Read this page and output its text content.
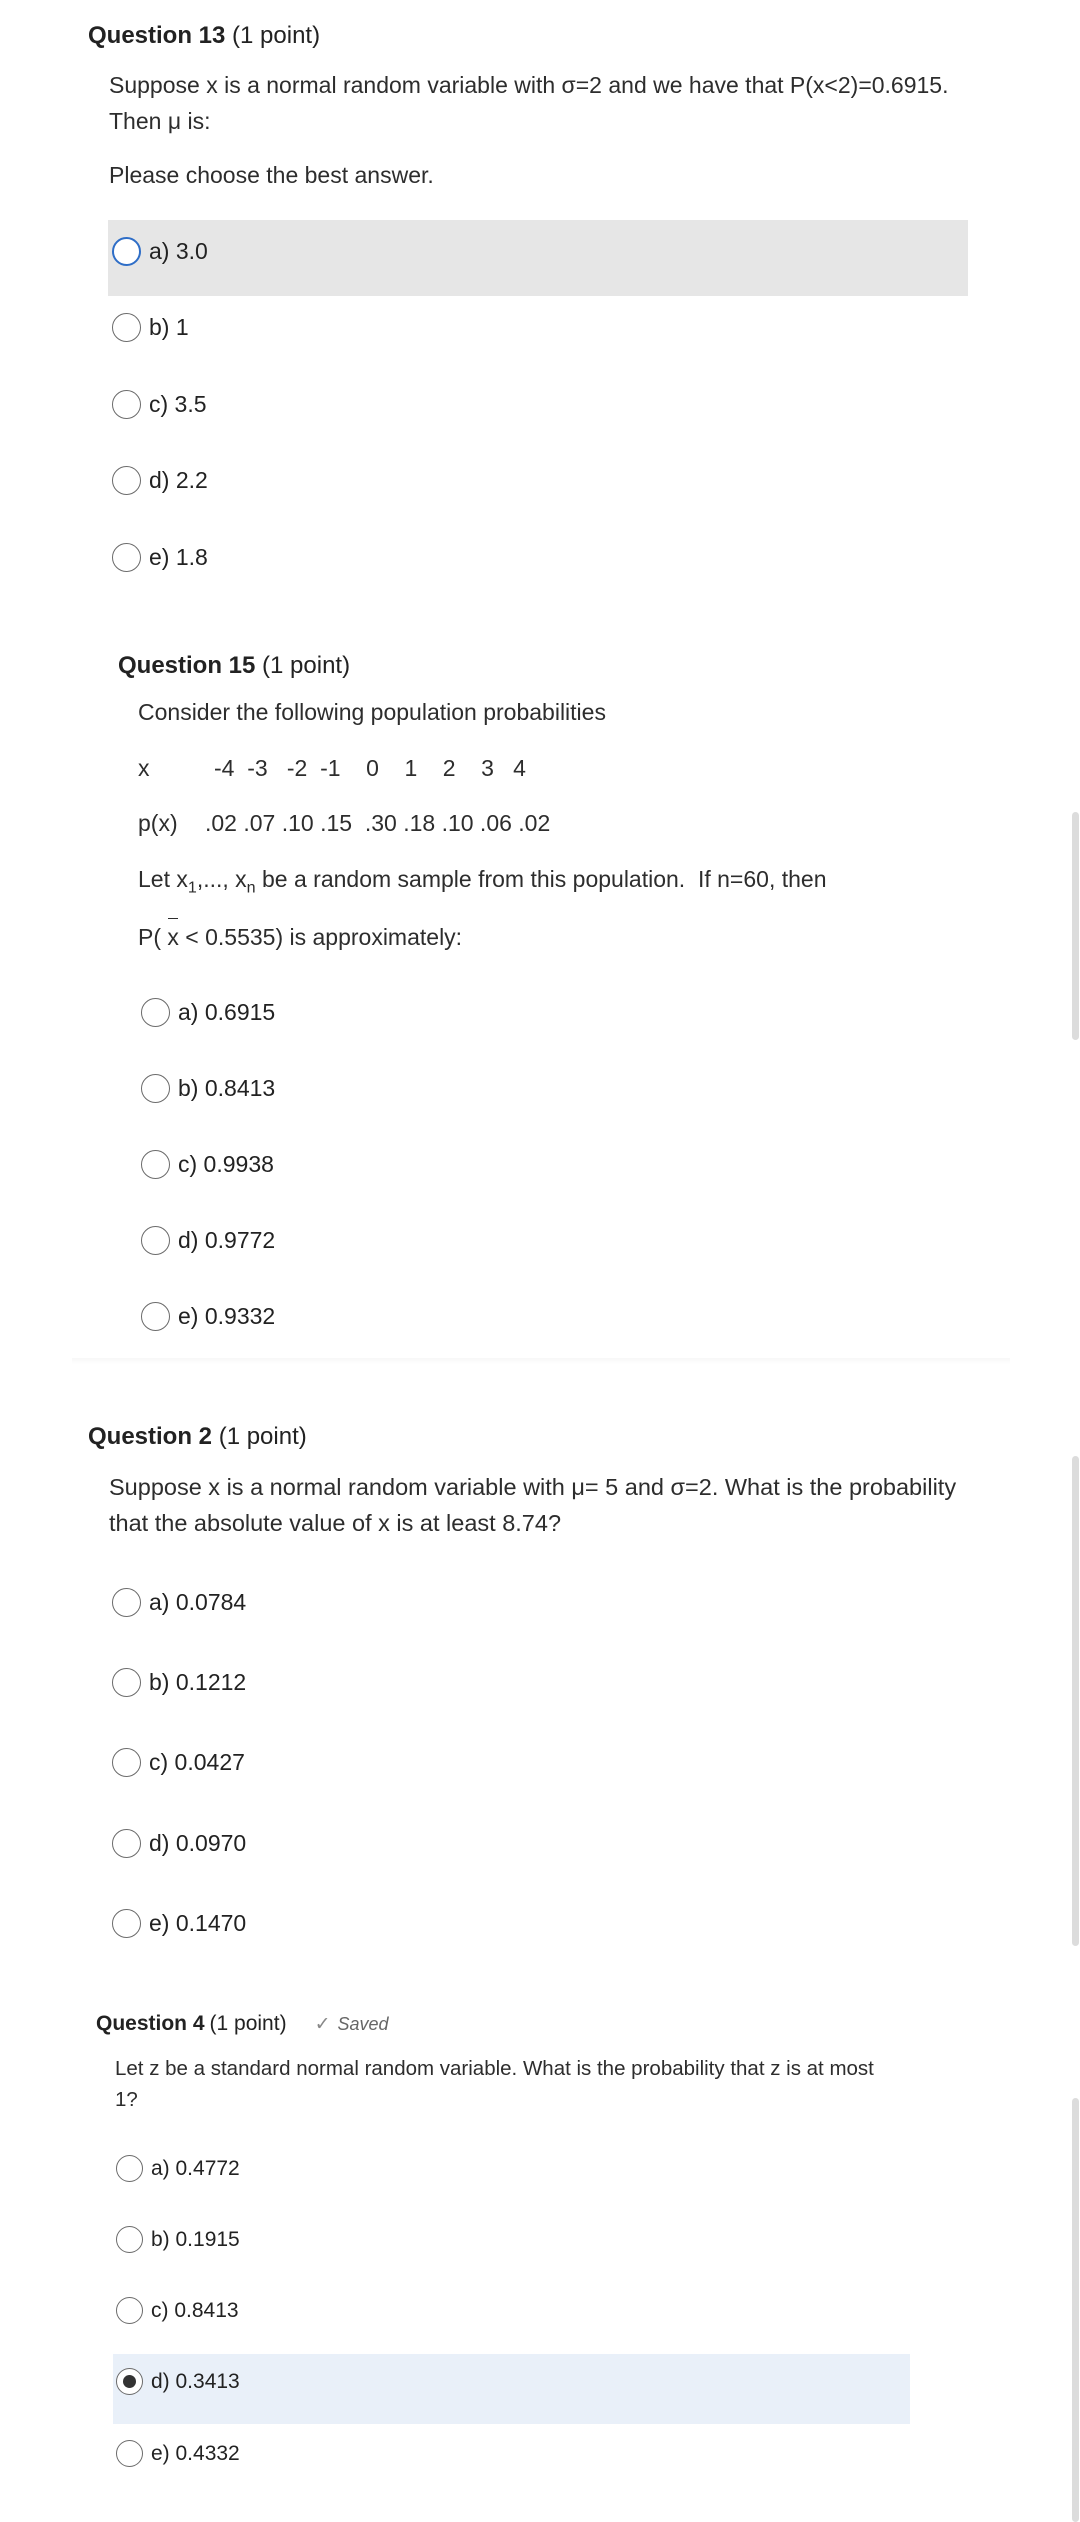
Question 13 (1 point)
Suppose x is a normal random variable with σ=2 and we have that P(x<2)=0.6915.
Then μ is:
Please choose the best answer.
a) 3.0
b) 1
c) 3.5
d) 2.2
e) 1.8
Question 15 (1 point)
Consider the following population probabilities
x	-4  -3   -2  -1    0    1    2    3   4
p(x) .02 .07 .10 .15  .30 .18 .10 .06 .02
Let $x_1$,..., $x_n$ be a random sample from this population.  If n=60, then
P( x < 0.5535) is approximately:
a) 0.6915
b) 0.8413
c) 0.9938
d) 0.9772
e) 0.9332
Question 2 (1 point)
Suppose x is a normal random variable with μ= 5 and σ=2. What is the probability
that the absolute value of x is at least 8.74?
a) 0.0784
b) 0.1212
c) 0.0427
d) 0.0970
e) 0.1470
Question 4 (1 point) ✓ Saved
Let z be a standard normal random variable. What is the probability that z is at most
1?
a) 0.4772
b) 0.1915
c) 0.8413
d) 0.3413
e) 0.4332
